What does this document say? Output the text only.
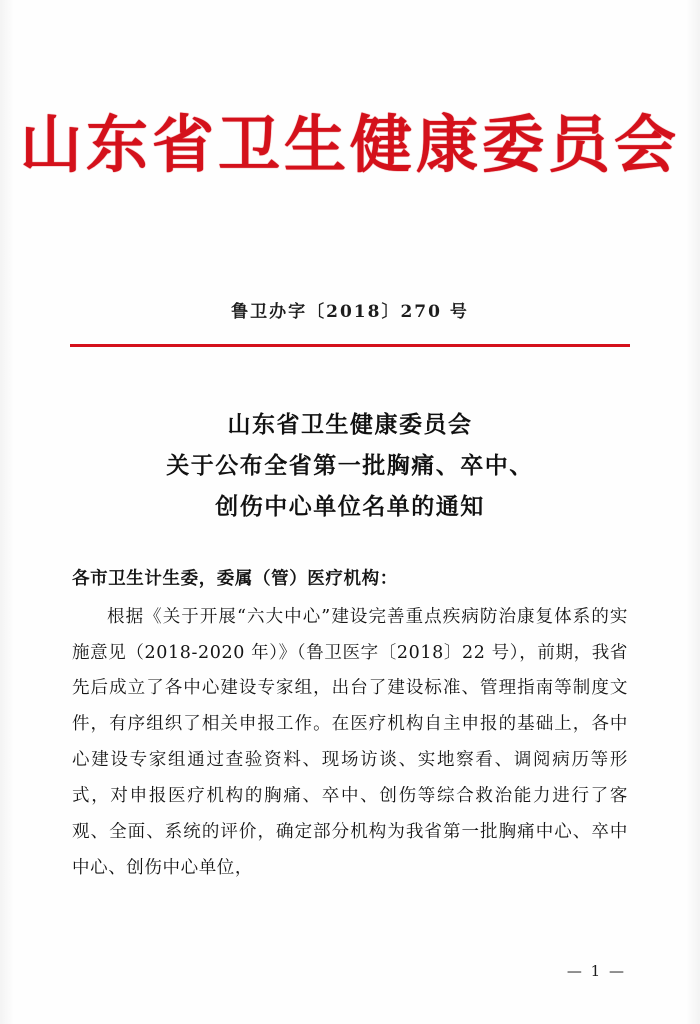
山东省卫生健康委员会
鲁卫办字〔2018〕270 号
山东省卫生健康委员会
关于公布全省第一批胸痛、卒中、
创伤中心单位名单的通知
各市卫生计生委，委属（管）医疗机构：
根据《关于开展“六大中心”建设完善重点疾病防治康复体系的实施意见（2018-2020 年）》（鲁卫医字〔2018〕22 号），前期，我省先后成立了各中心建设专家组，出台了建设标准、管理指南等制度文件，有序组织了相关申报工作。在医疗机构自主申报的基础上，各中心建设专家组通过查验资料、现场访谈、实地察看、调阅病历等形式，对申报医疗机构的胸痛、卒中、创伤等综合救治能力进行了客观、全面、系统的评价，确定部分机构为我省第一批胸痛中心、卒中中心、创伤中心单位，
— 1 —
